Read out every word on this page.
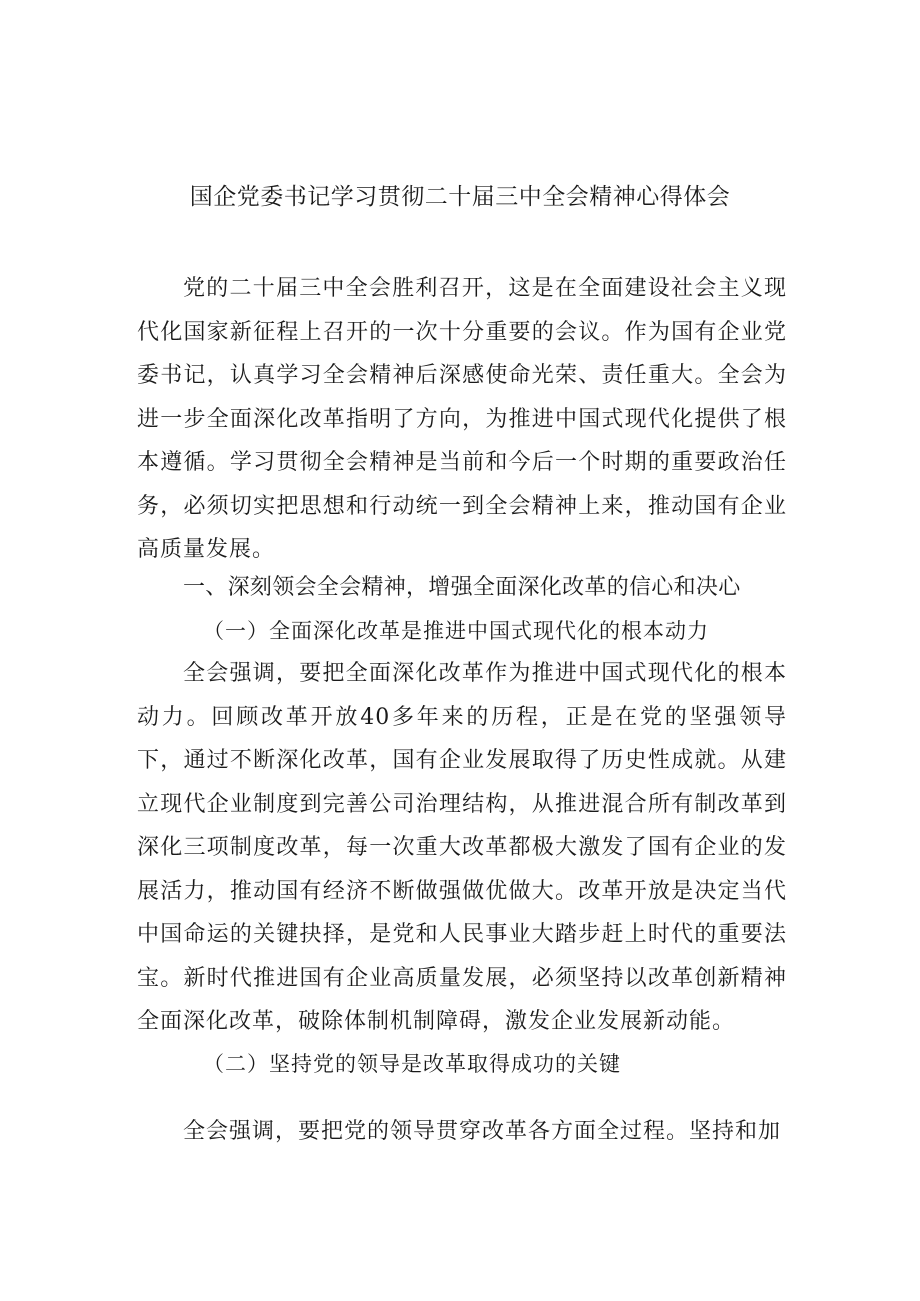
国企党委书记学习贯彻二十届三中全会精神心得体会

党的二十届三中全会胜利召开，这是在全面建设社会主义现代化国家新征程上召开的一次十分重要的会议。作为国有企业党委书记，认真学习全会精神后深感使命光荣、责任重大。全会为进一步全面深化改革指明了方向，为推进中国式现代化提供了根本遵循。学习贯彻全会精神是当前和今后一个时期的重要政治任务，必须切实把思想和行动统一到全会精神上来，推动国有企业高质量发展。

一、深刻领会全会精神，增强全面深化改革的信心和决心
（一）全面深化改革是推进中国式现代化的根本动力

全会强调，要把全面深化改革作为推进中国式现代化的根本动力。回顾改革开放40多年来的历程，正是在党的坚强领导下，通过不断深化改革，国有企业发展取得了历史性成就。从建立现代企业制度到完善公司治理结构，从推进混合所有制改革到深化三项制度改革，每一次重大改革都极大激发了国有企业的发展活力，推动国有经济不断做强做优做大。改革开放是决定当代中国命运的关键抉择，是党和人民事业大踏步赶上时代的重要法宝。新时代推进国有企业高质量发展，必须坚持以改革创新精神全面深化改革，破除体制机制障碍，激发企业发展新动能。

（二）坚持党的领导是改革取得成功的关键

全会强调，要把党的领导贯穿改革各方面全过程。坚持和加
